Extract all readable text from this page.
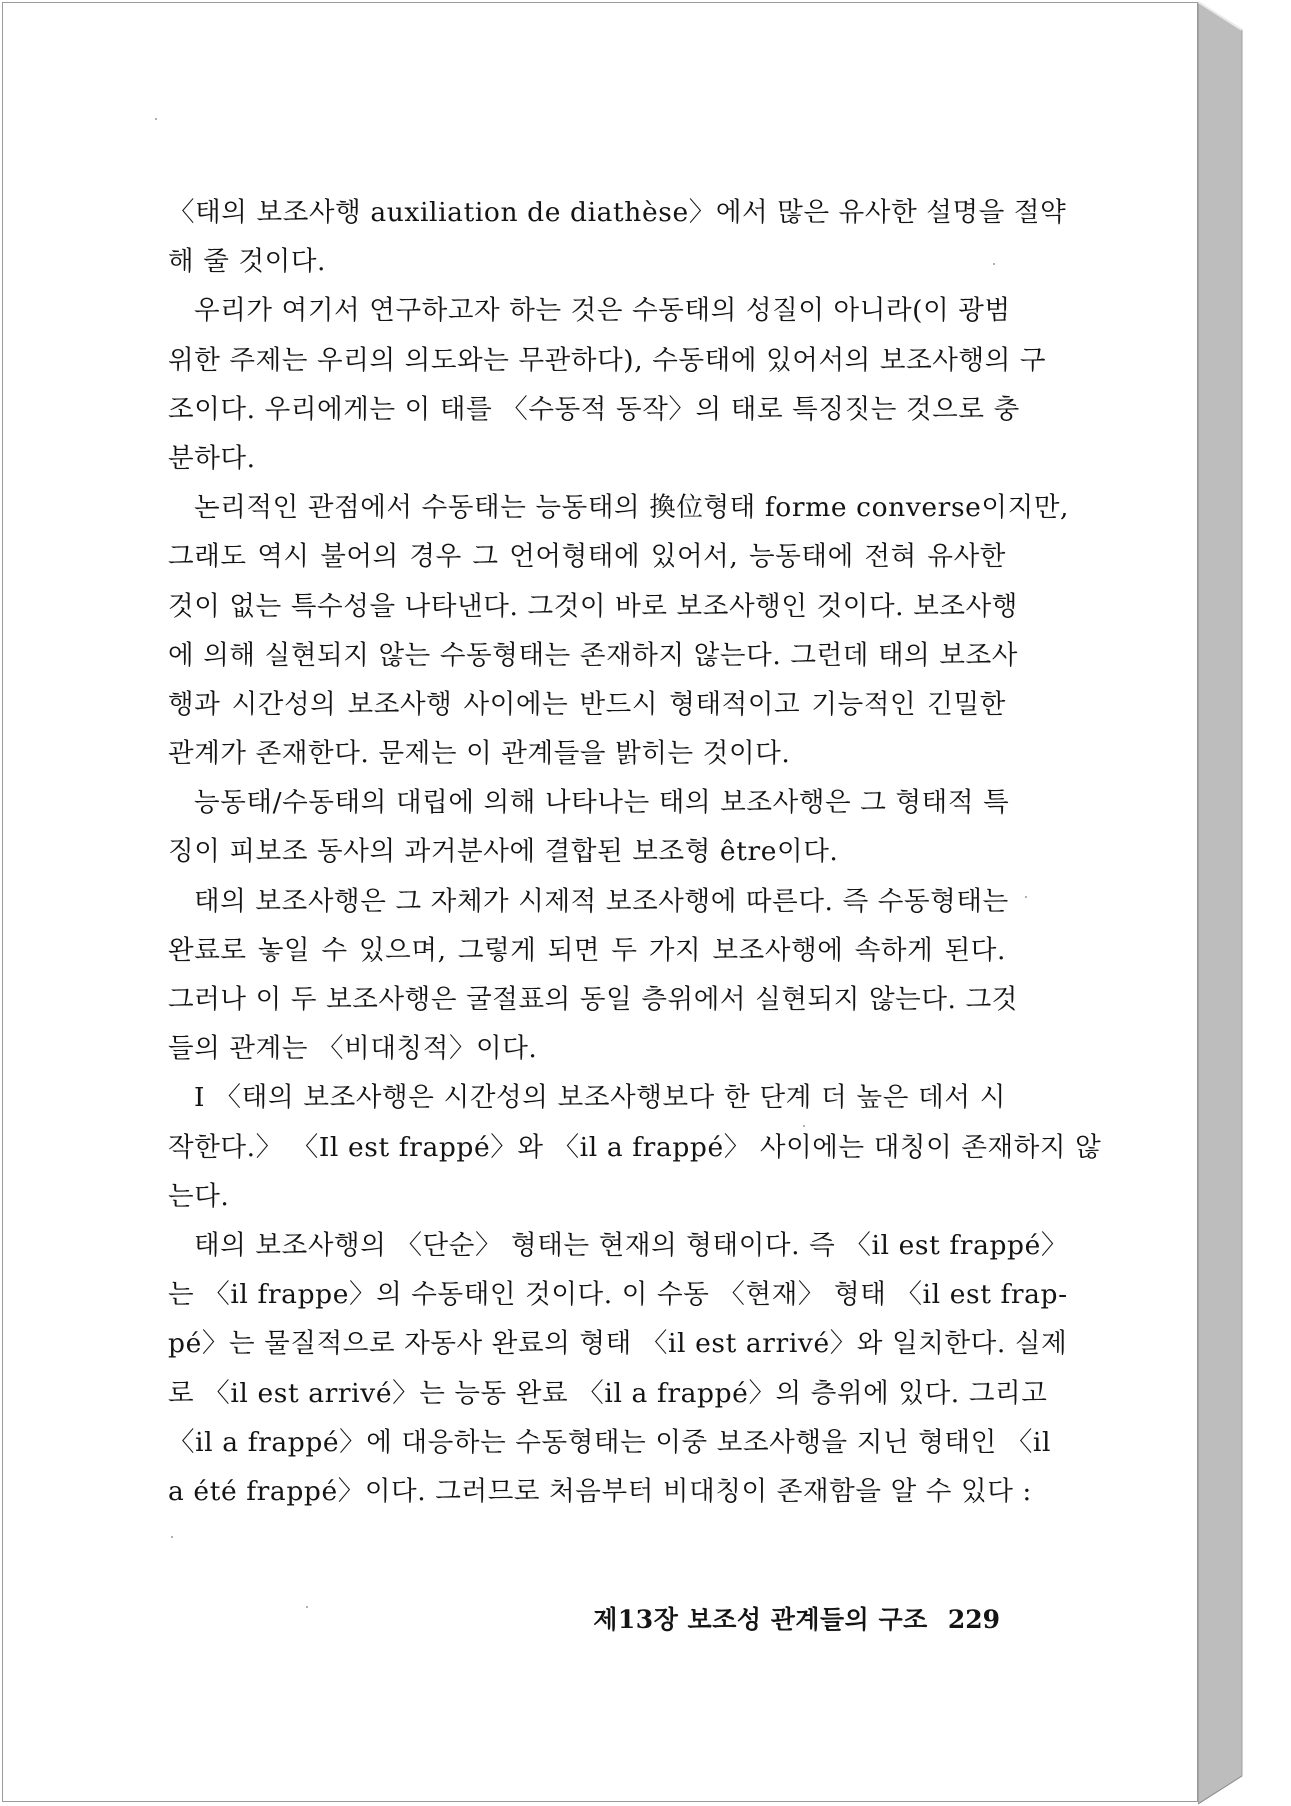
〈태의 보조사행 auxiliation de diathèse〉에서 많은 유사한 설명을 절약
해 줄 것이다.
우리가 여기서 연구하고자 하는 것은 수동태의 성질이 아니라(이 광범
위한 주제는 우리의 의도와는 무관하다), 수동태에 있어서의 보조사행의 구
조이다. 우리에게는 이 태를 〈수동적 동작〉의 태로 특징짓는 것으로 충
분하다.
논리적인 관점에서 수동태는 능동태의 換位형태 forme converse이지만,
그래도 역시 불어의 경우 그 언어형태에 있어서, 능동태에 전혀 유사한
것이 없는 특수성을 나타낸다. 그것이 바로 보조사행인 것이다. 보조사행
에 의해 실현되지 않는 수동형태는 존재하지 않는다. 그런데 태의 보조사
행과 시간성의 보조사행 사이에는 반드시 형태적이고 기능적인 긴밀한
관계가 존재한다. 문제는 이 관계들을 밝히는 것이다.
능동태/수동태의 대립에 의해 나타나는 태의 보조사행은 그 형태적 특
징이 피보조 동사의 과거분사에 결합된 보조형 être이다.
태의 보조사행은 그 자체가 시제적 보조사행에 따른다. 즉 수동형태는
완료로 놓일 수 있으며, 그렇게 되면 두 가지 보조사행에 속하게 된다.
그러나 이 두 보조사행은 굴절표의 동일 층위에서 실현되지 않는다. 그것
들의 관계는 〈비대칭적〉이다.
Ⅰ 〈태의 보조사행은 시간성의 보조사행보다 한 단계 더 높은 데서 시
작한다.〉 〈Il est frappé〉와 〈il a frappé〉 사이에는 대칭이 존재하지 않
는다.
태의 보조사행의 〈단순〉 형태는 현재의 형태이다. 즉 〈il est frappé〉
는 〈il frappe〉의 수동태인 것이다. 이 수동 〈현재〉 형태 〈il est frap-
pé〉는 물질적으로 자동사 완료의 형태 〈il est arrivé〉와 일치한다. 실제
로 〈il est arrivé〉는 능동 완료 〈il a frappé〉의 층위에 있다. 그리고
〈il a frappé〉에 대응하는 수동형태는 이중 보조사행을 지닌 형태인 〈il
a été frappé〉이다. 그러므로 처음부터 비대칭이 존재함을 알 수 있다 :
제13장 보조성 관계들의 구조 229
